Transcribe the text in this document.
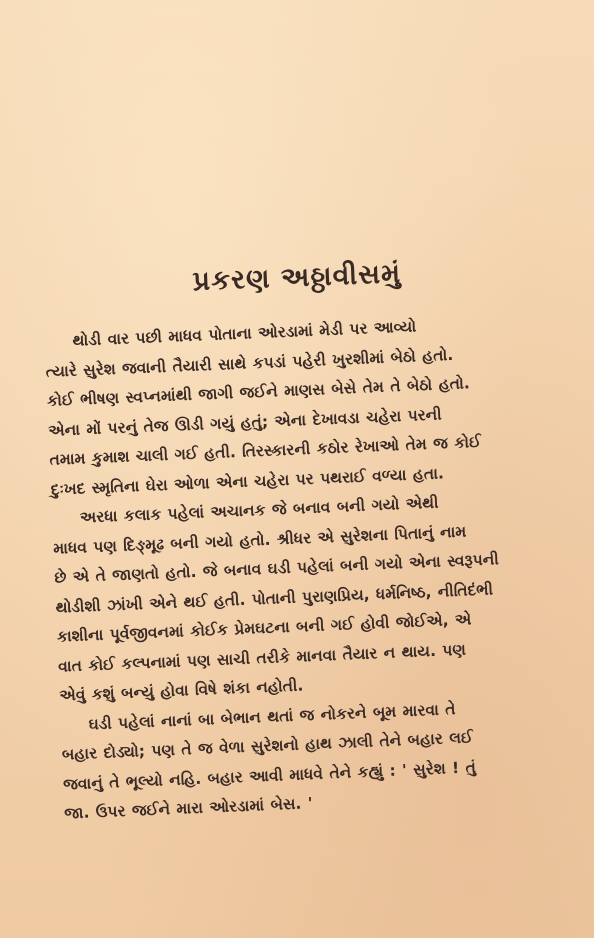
પ્રકરણ અઠ્ઠાવીસમું
થોડી વાર પછી માધવ પોતાના ઓરડામાં મેડી પર આવ્યો
ત્યારે સુરેશ જવાની તૈયારી સાથે કપડાં પહેરી ખુરશીમાં બેઠો હતો.
કોઈ ભીષણ સ્વપ્નમાંથી જાગી જઈને માણસ બેસે તેમ તે બેઠો હતો.
એના મોં પરનું તેજ ઊડી ગયું હતું; એના દેખાવડા ચહેરા પરની
તમામ કુમાશ ચાલી ગઈ હતી. તિરસ્કારની કઠોર રેખાઓ તેમ જ કોઈ
દુઃખદ સ્મૃતિના ઘેરા ઓળા એના ચહેરા પર પથરાઈ વળ્યા હતા.
અરધા કલાક પહેલાં અચાનક જે બનાવ બની ગયો એથી
માધવ પણ દિઙ્મૂઢ બની ગયો હતો. શ્રીધર એ સુરેશના પિતાનું નામ
છે એ તે જાણતો હતો. જે બનાવ ઘડી પહેલાં બની ગયો એના સ્વરૂપની
થોડીશી ઝાંખી એને થઈ હતી. પોતાની પુરાણપ્રિય, ધર્મનિષ્ઠ, નીતિદંભી
કાશીના પૂર્વજીવનમાં કોઈક પ્રેમઘટના બની ગઈ હોવી જોઈએ, એ
વાત કોઈ કલ્પનામાં પણ સાચી તરીકે માનવા તૈયાર ન થાય. પણ
એવું કશું બન્યું હોવા વિષે શંકા નહોતી.
ઘડી પહેલાં નાનાં બા બેભાન થતાં જ નોકરને બૂમ મારવા તે
બહાર દોડ્યો; પણ તે જ વેળા સુરેશનો હાથ ઝાલી તેને બહાર લઈ
જવાનું તે ભૂલ્યો નહિ. બહાર આવી માધવે તેને કહ્યું : ' સુરેશ ! તું
જા. ઉપર જઈને મારા ઓરડામાં બેસ. '
